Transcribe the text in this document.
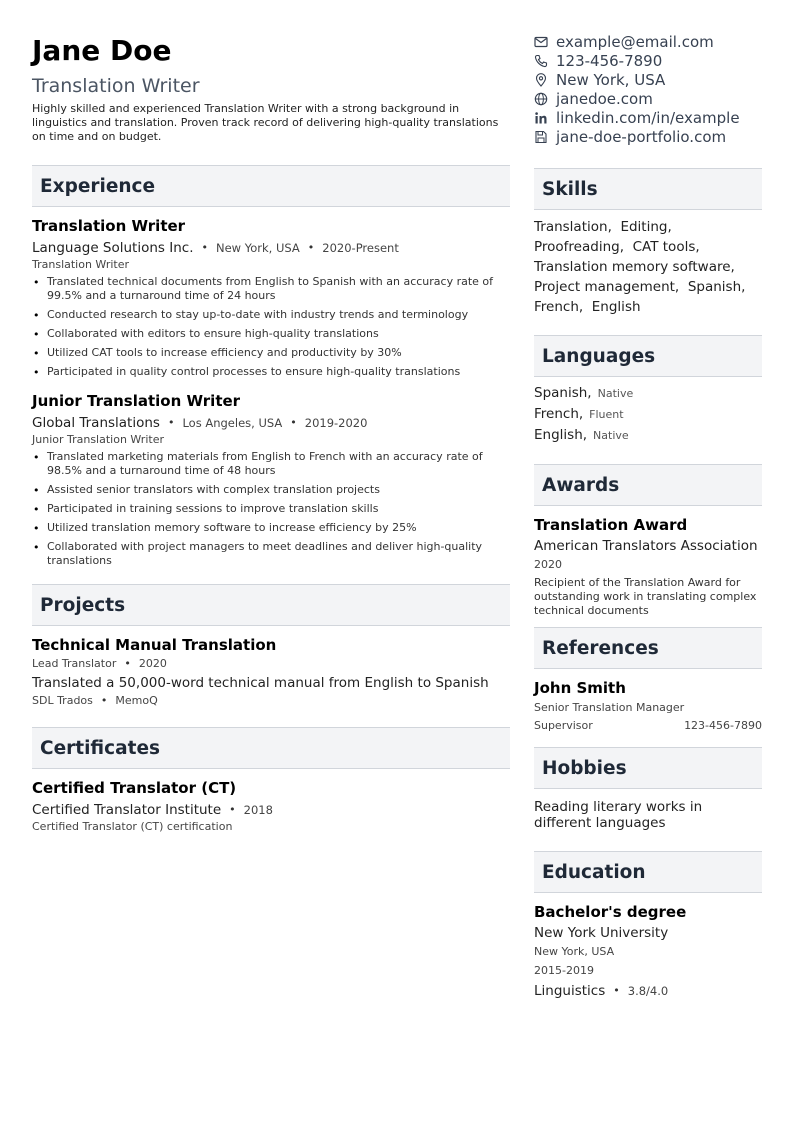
Jane Doe
Translation Writer
Highly skilled and experienced Translation Writer with a strong background in linguistics and translation. Proven track record of delivering high-quality translations on time and on budget.
Experience
Translation Writer
Language Solutions Inc. • New York, USA • 2020-Present
Translation Writer
• Translated technical documents from English to Spanish with an accuracy rate of 99.5% and a turnaround time of 24 hours
• Conducted research to stay up-to-date with industry trends and terminology
• Collaborated with editors to ensure high-quality translations
• Utilized CAT tools to increase efficiency and productivity by 30%
• Participated in quality control processes to ensure high-quality translations
Junior Translation Writer
Global Translations • Los Angeles, USA • 2019-2020
Junior Translation Writer
• Translated marketing materials from English to French with an accuracy rate of 98.5% and a turnaround time of 48 hours
• Assisted senior translators with complex translation projects
• Participated in training sessions to improve translation skills
• Utilized translation memory software to increase efficiency by 25%
• Collaborated with project managers to meet deadlines and deliver high-quality translations
Projects
Technical Manual Translation
Lead Translator • 2020
Translated a 50,000-word technical manual from English to Spanish
SDL Trados • MemoQ
Certificates
Certified Translator (CT)
Certified Translator Institute • 2018
Certified Translator (CT) certification
example@email.com
123-456-7890
New York, USA
janedoe.com
linkedin.com/in/example
jane-doe-portfolio.com
Skills
Translation, Editing,
Proofreading, CAT tools,
Translation memory software,
Project management, Spanish,
French, English
Languages
Spanish, Native
French, Fluent
English, Native
Awards
Translation Award
American Translators Association
2020
Recipient of the Translation Award for outstanding work in translating complex technical documents
References
John Smith
Senior Translation Manager
Supervisor	123-456-7890
Hobbies
Reading literary works in different languages
Education
Bachelor's degree
New York University
New York, USA
2015-2019
Linguistics • 3.8/4.0
